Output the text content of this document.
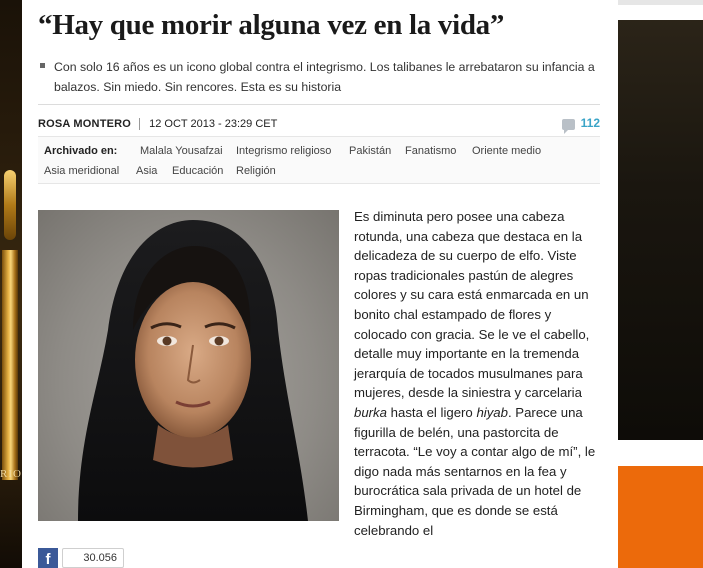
RIO
“Hay que morir alguna vez en la vida”

Con solo 16 años es un icono global contra el integrismo. Los talibanes le arrebataron su infancia a balazos. Sin miedo. Sin rencores. Esta es su historia

ROSA MONTERO 12 OCT 2013 - 23:29 CET	112
Archivado en: Malala Yousafzai Integrismo religioso Pakistán Fanatismo Oriente medio
Asia meridional Asia Educación Religión

Es diminuta pero posee una cabeza rotunda, una cabeza que destaca en la delicadeza de su cuerpo de elfo. Viste ropas tradicionales pastún de alegres colores y su cara está enmarcada en un bonito chal estampado de flores y colocado con gracia. Se le ve el cabello, detalle muy importante en la tremenda jerarquía de tocados musulmanes para mujeres, desde la siniestra y carcelaria burka hasta el ligero hiyab. Parece una figurilla de belén, una pastorcita de terracota. “Le voy a contar algo de mí”, le digo nada más sentarnos en la fea y burocrática sala privada de un hotel de Birmingham, que es donde se está celebrando el

f	30.056
